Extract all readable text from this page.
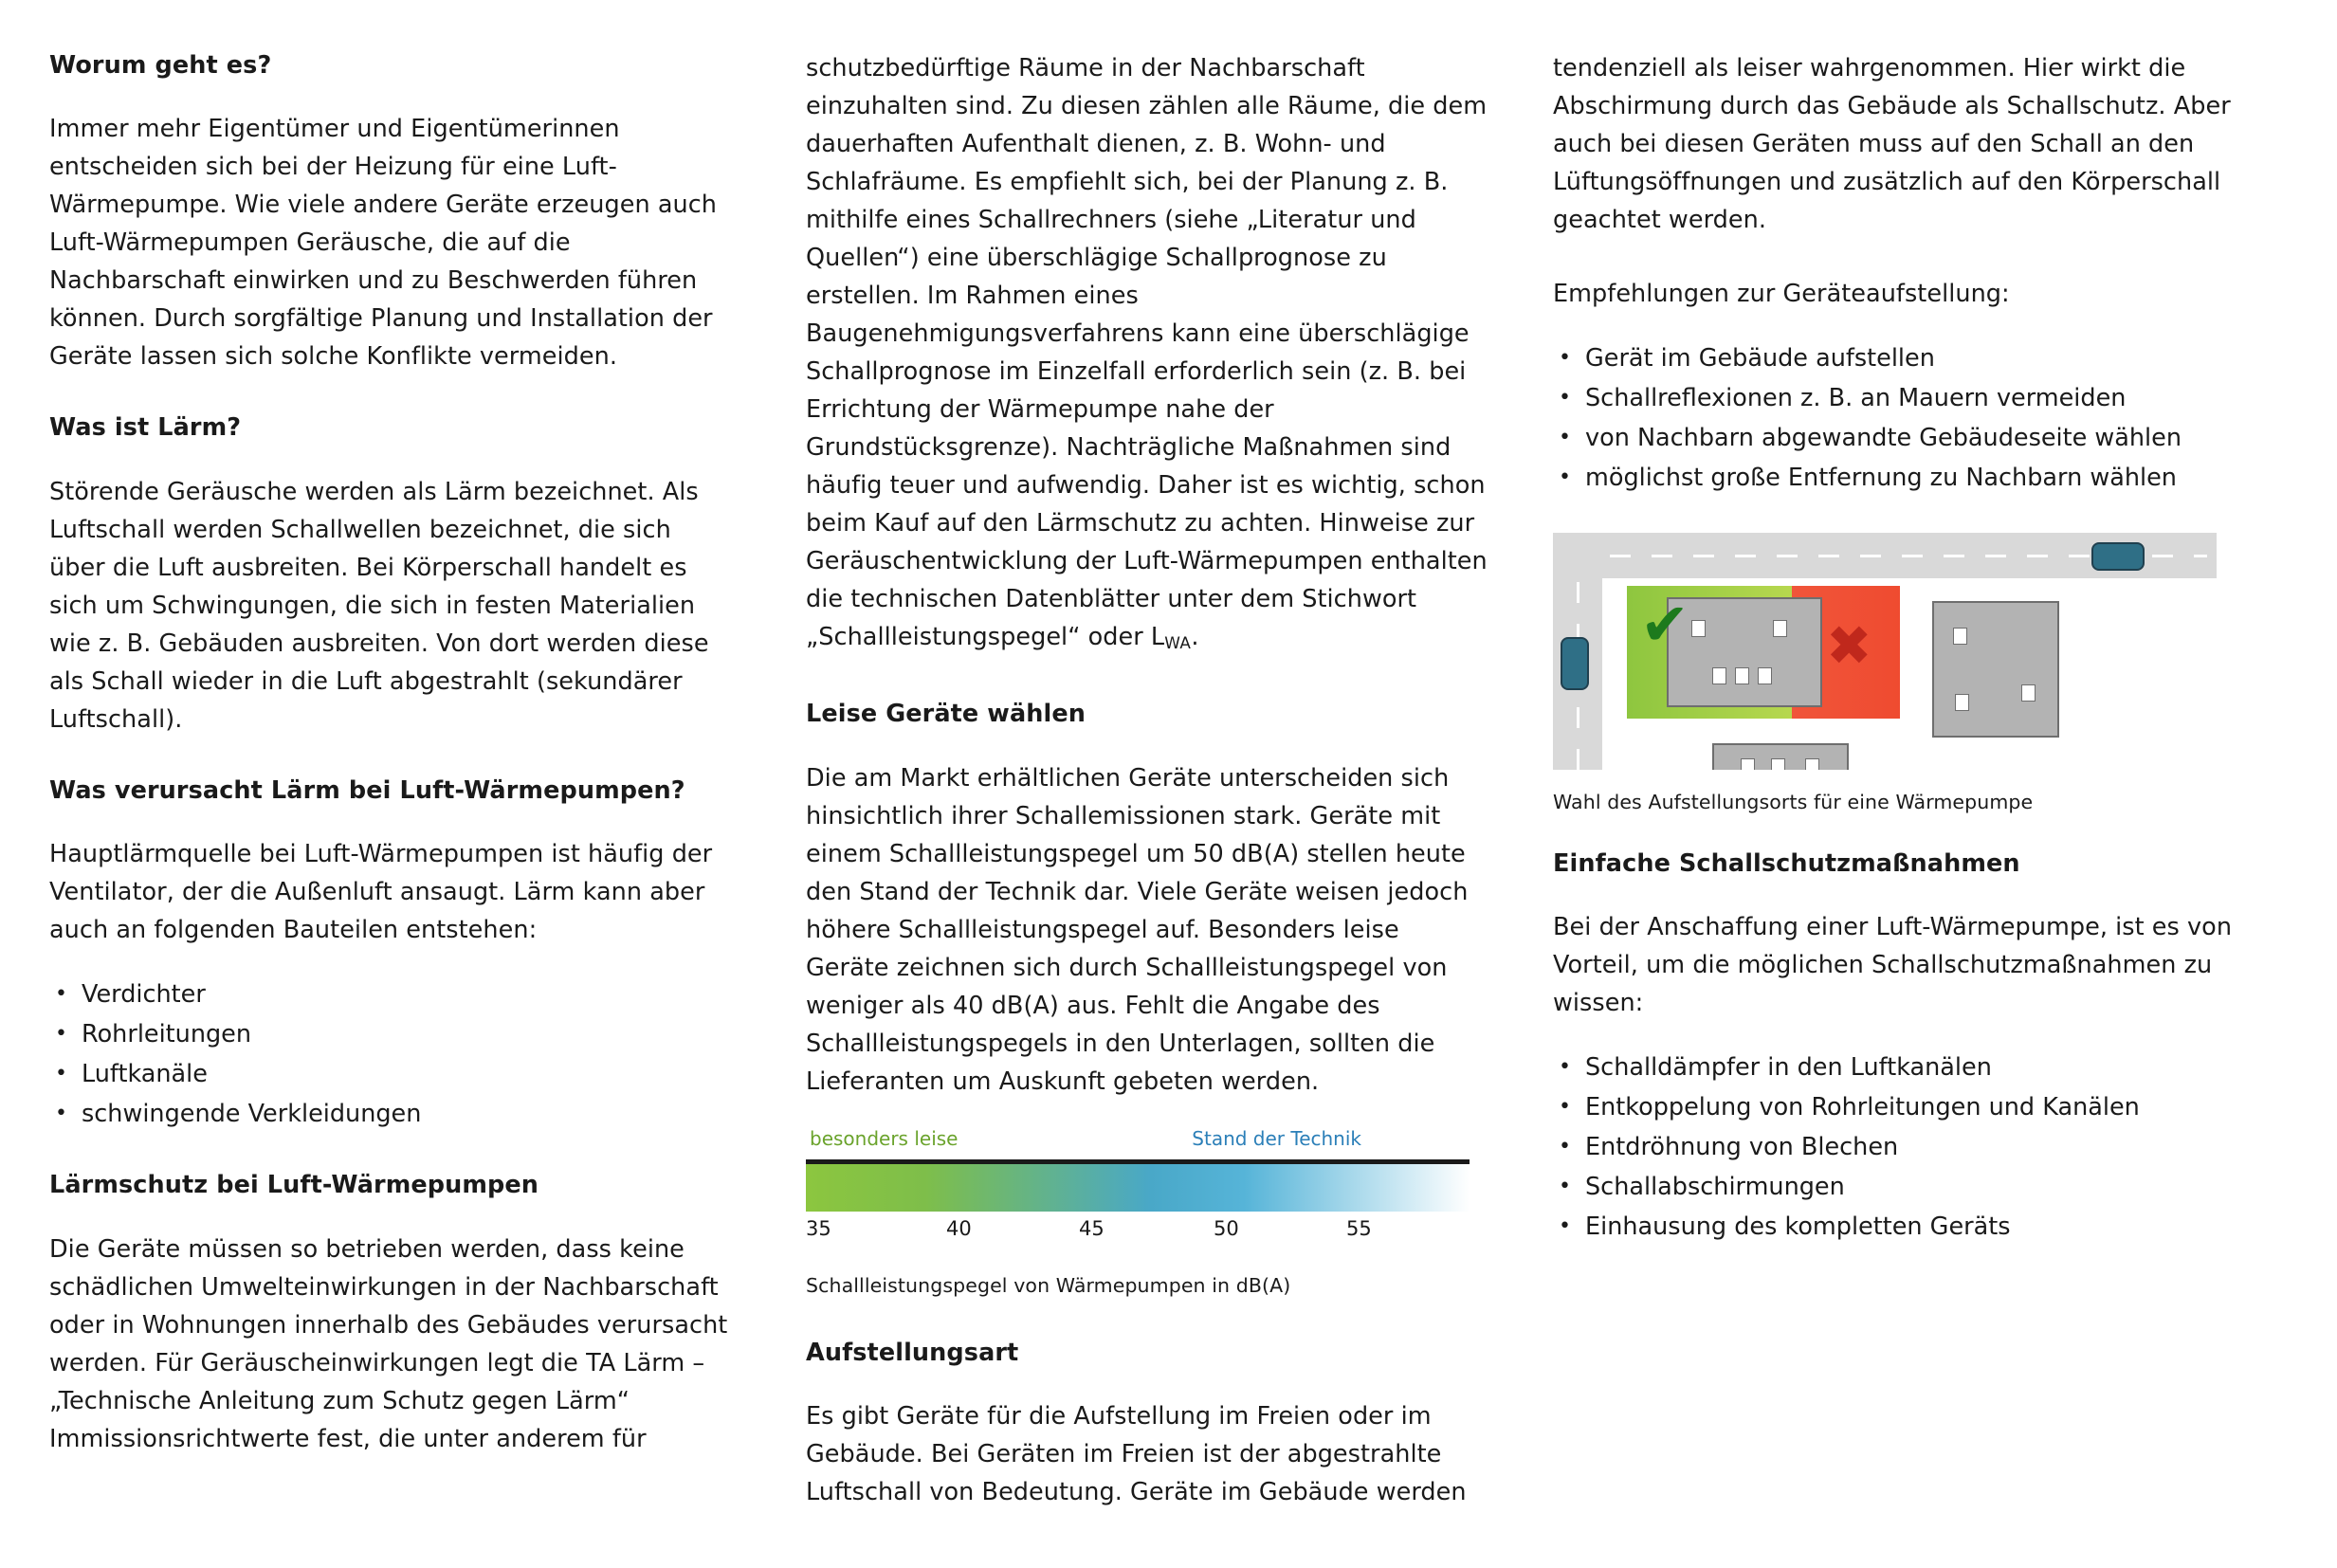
Worum geht es?

Immer mehr Eigentümer und Eigentümerinnen entscheiden sich bei der Heizung für eine Luft-Wärmepumpe. Wie viele andere Geräte erzeugen auch Luft-Wärmepumpen Geräusche, die auf die Nachbarschaft einwirken und zu Beschwerden führen können. Durch sorgfältige Planung und Installation der Geräte lassen sich solche Konflikte vermeiden.

Was ist Lärm?

Störende Geräusche werden als Lärm bezeichnet. Als Luftschall werden Schallwellen bezeichnet, die sich über die Luft ausbreiten. Bei Körperschall handelt es sich um Schwingungen, die sich in festen Materialien wie z. B. Gebäuden ausbreiten. Von dort werden diese als Schall wieder in die Luft abgestrahlt (sekundärer Luftschall).

Was verursacht Lärm bei Luft-Wärmepumpen?

Hauptlärmquelle bei Luft-Wärmepumpen ist häufig der Ventilator, der die Außenluft ansaugt. Lärm kann aber auch an folgenden Bauteilen entstehen:

• Verdichter
• Rohrleitungen
• Luftkanäle
• schwingende Verkleidungen
Lärmschutz bei Luft-Wärmepumpen

Die Geräte müssen so betrieben werden, dass keine schädlichen Umwelteinwirkungen in der Nachbarschaft oder in Wohnungen innerhalb des Gebäudes verursacht werden. Für Geräuscheinwirkungen legt die TA Lärm – „Technische Anleitung zum Schutz gegen Lärm“ Immissionsrichtwerte fest, die unter anderem für

schutzbedürftige Räume in der Nachbarschaft einzuhalten sind. Zu diesen zählen alle Räume, die dem dauerhaften Aufenthalt dienen, z. B. Wohn- und Schlafräume. Es empfiehlt sich, bei der Planung z. B. mithilfe eines Schallrechners (siehe „Literatur und Quellen“) eine überschlägige Schallprognose zu erstellen. Im Rahmen eines Baugenehmigungsverfahrens kann eine überschlägige Schallprognose im Einzelfall erforderlich sein (z. B. bei Errichtung der Wärmepumpe nahe der Grundstücksgrenze). Nachträgliche Maßnahmen sind häufig teuer und aufwendig. Daher ist es wichtig, schon beim Kauf auf den Lärmschutz zu achten. Hinweise zur Geräuschentwicklung der Luft-Wärmepumpen enthalten die technischen Datenblätter unter dem Stichwort „Schallleistungspegel“ oder $L_{WA}$.

Leise Geräte wählen

Die am Markt erhältlichen Geräte unterscheiden sich hinsichtlich ihrer Schallemissionen stark. Geräte mit einem Schallleistungspegel um 50 dB(A) stellen heute den Stand der Technik dar. Viele Geräte weisen jedoch höhere Schallleistungspegel auf. Besonders leise Geräte zeichnen sich durch Schallleistungspegel von weniger als 40 dB(A) aus. Fehlt die Angabe des Schallleistungspegels in den Unterlagen, sollten die Lieferanten um Auskunft gebeten werden.

besonders leise	Stand der Technik
35	40	45	50	55
Schallleistungspegel von Wärmepumpen in dB(A)
Aufstellungsart

Es gibt Geräte für die Aufstellung im Freien oder im Gebäude. Bei Geräten im Freien ist der abgestrahlte Luftschall von Bedeutung. Geräte im Gebäude werden

tendenziell als leiser wahrgenommen. Hier wirkt die Abschirmung durch das Gebäude als Schallschutz. Aber auch bei diesen Geräten muss auf den Schall an den Lüftungsöffnungen und zusätzlich auf den Körperschall geachtet werden.

Empfehlungen zur Geräteaufstellung:

• Gerät im Gebäude aufstellen
• Schallreflexionen z. B. an Mauern vermeiden
• von Nachbarn abgewandte Gebäudeseite wählen
• möglichst große Entfernung zu Nachbarn wählen
✔ ✖
Wahl des Aufstellungsorts für eine Wärmepumpe
Einfache Schallschutzmaßnahmen

Bei der Anschaffung einer Luft-Wärmepumpe, ist es von Vorteil, um die möglichen Schallschutzmaßnahmen zu wissen:

• Schalldämpfer in den Luftkanälen
• Entkoppelung von Rohrleitungen und Kanälen
• Entdröhnung von Blechen
• Schallabschirmungen
• Einhausung des kompletten Geräts
